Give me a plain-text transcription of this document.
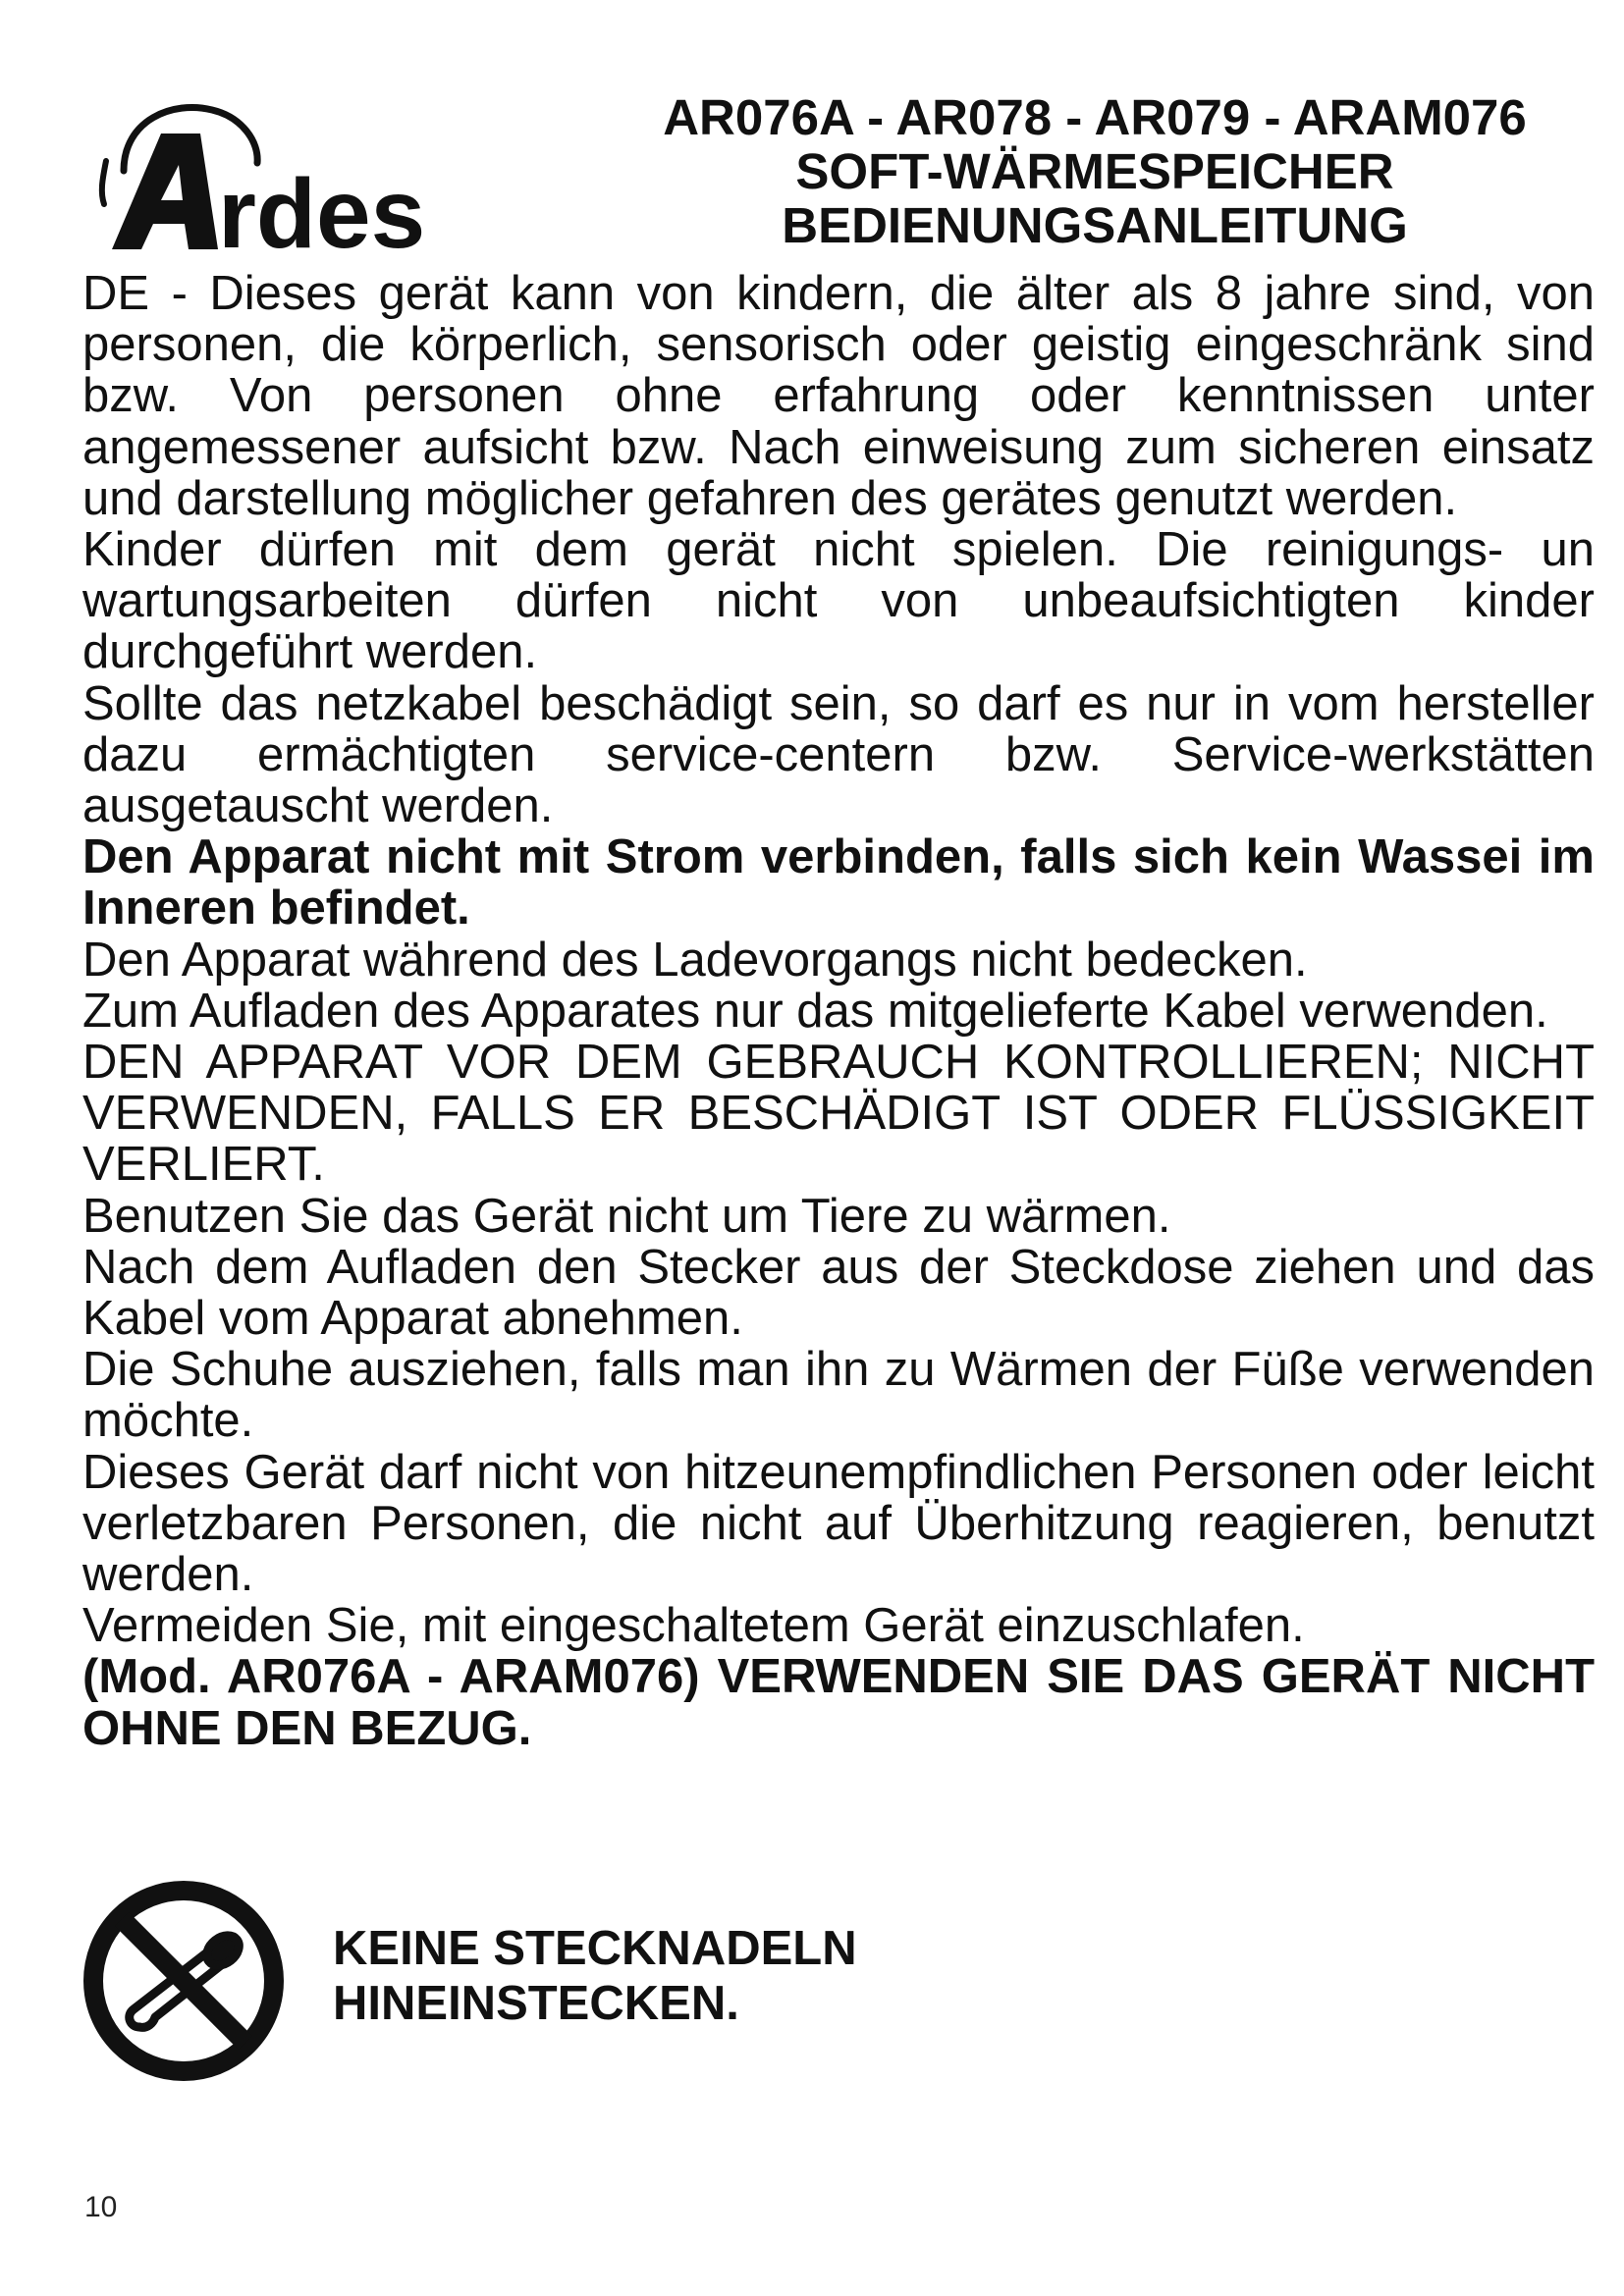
rdes
AR076A - AR078 - AR079 - ARAM076
SOFT-WÄRMESPEICHER
BEDIENUNGSANLEITUNG
DE - Dieses gerät kann von kindern, die älter als 8 jahre sind, von personen, die körperlich, sensorisch oder geistig eingeschränk sind bzw. Von personen ohne erfahrung oder kenntnissen unter angemessener aufsicht bzw. Nach einweisung zum sicheren einsatz und darstellung möglicher gefahren des gerätes genutzt werden.
Kinder dürfen mit dem gerät nicht spielen. Die reinigungs- un wartungsarbeiten dürfen nicht von unbeaufsichtigten kinder durchgeführt werden.
Sollte das netzkabel beschädigt sein, so darf es nur in vom hersteller dazu ermächtigten service-centern bzw. Service-werkstätten ausgetauscht werden.
Den Apparat nicht mit Strom verbinden, falls sich kein Wassei im Inneren befindet.
Den Apparat während des Ladevorgangs nicht bedecken.
Zum Aufladen des Apparates nur das mitgelieferte Kabel verwenden.
DEN APPARAT VOR DEM GEBRAUCH KONTROLLIEREN; NICHT VERWENDEN, FALLS ER BESCHÄDIGT IST ODER FLÜSSIGKEIT VERLIERT.
Benutzen Sie das Gerät nicht um Tiere zu wärmen.
Nach dem Aufladen den Stecker aus der Steckdose ziehen und das Kabel vom Apparat abnehmen.
Die Schuhe ausziehen, falls man ihn zu Wärmen der Füße verwenden möchte.
Dieses Gerät darf nicht von hitzeunempfindlichen Personen oder leicht verletzbaren Personen, die nicht auf Überhitzung reagieren, benutzt werden.
Vermeiden Sie, mit eingeschaltetem Gerät einzuschlafen.
(Mod. AR076A - ARAM076) VERWENDEN SIE DAS GERÄT NICHT OHNE DEN BEZUG.
KEINE STECKNADELN
HINEINSTECKEN.
10
